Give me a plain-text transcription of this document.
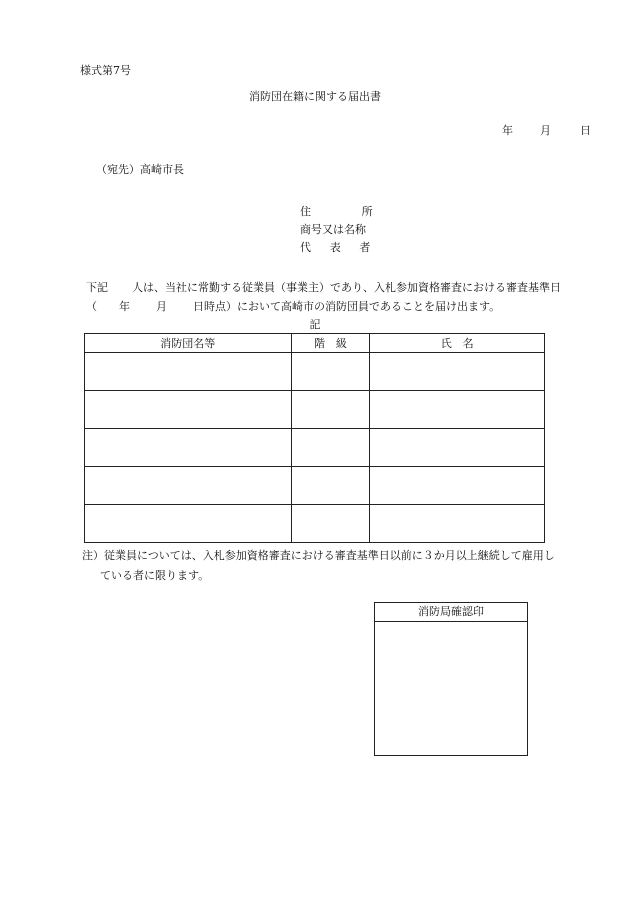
様式第7号
消防団在籍に関する届出書
年 月	日
（宛先）高崎市長
住　所
商号又は名称
代　表　者
下記 人は、当社に常勤する従業員（事業主）であり、入札参加資格審査における審査基準日
（ 年 月 日時点）において高崎市の消防団員であることを届け出ます。
記
消防団名等	階　級	氏　名

注）従業員については、入札参加資格審査における審査基準日以前に３か月以上継続して雇用し
ている者に限ります。
消防局確認印
